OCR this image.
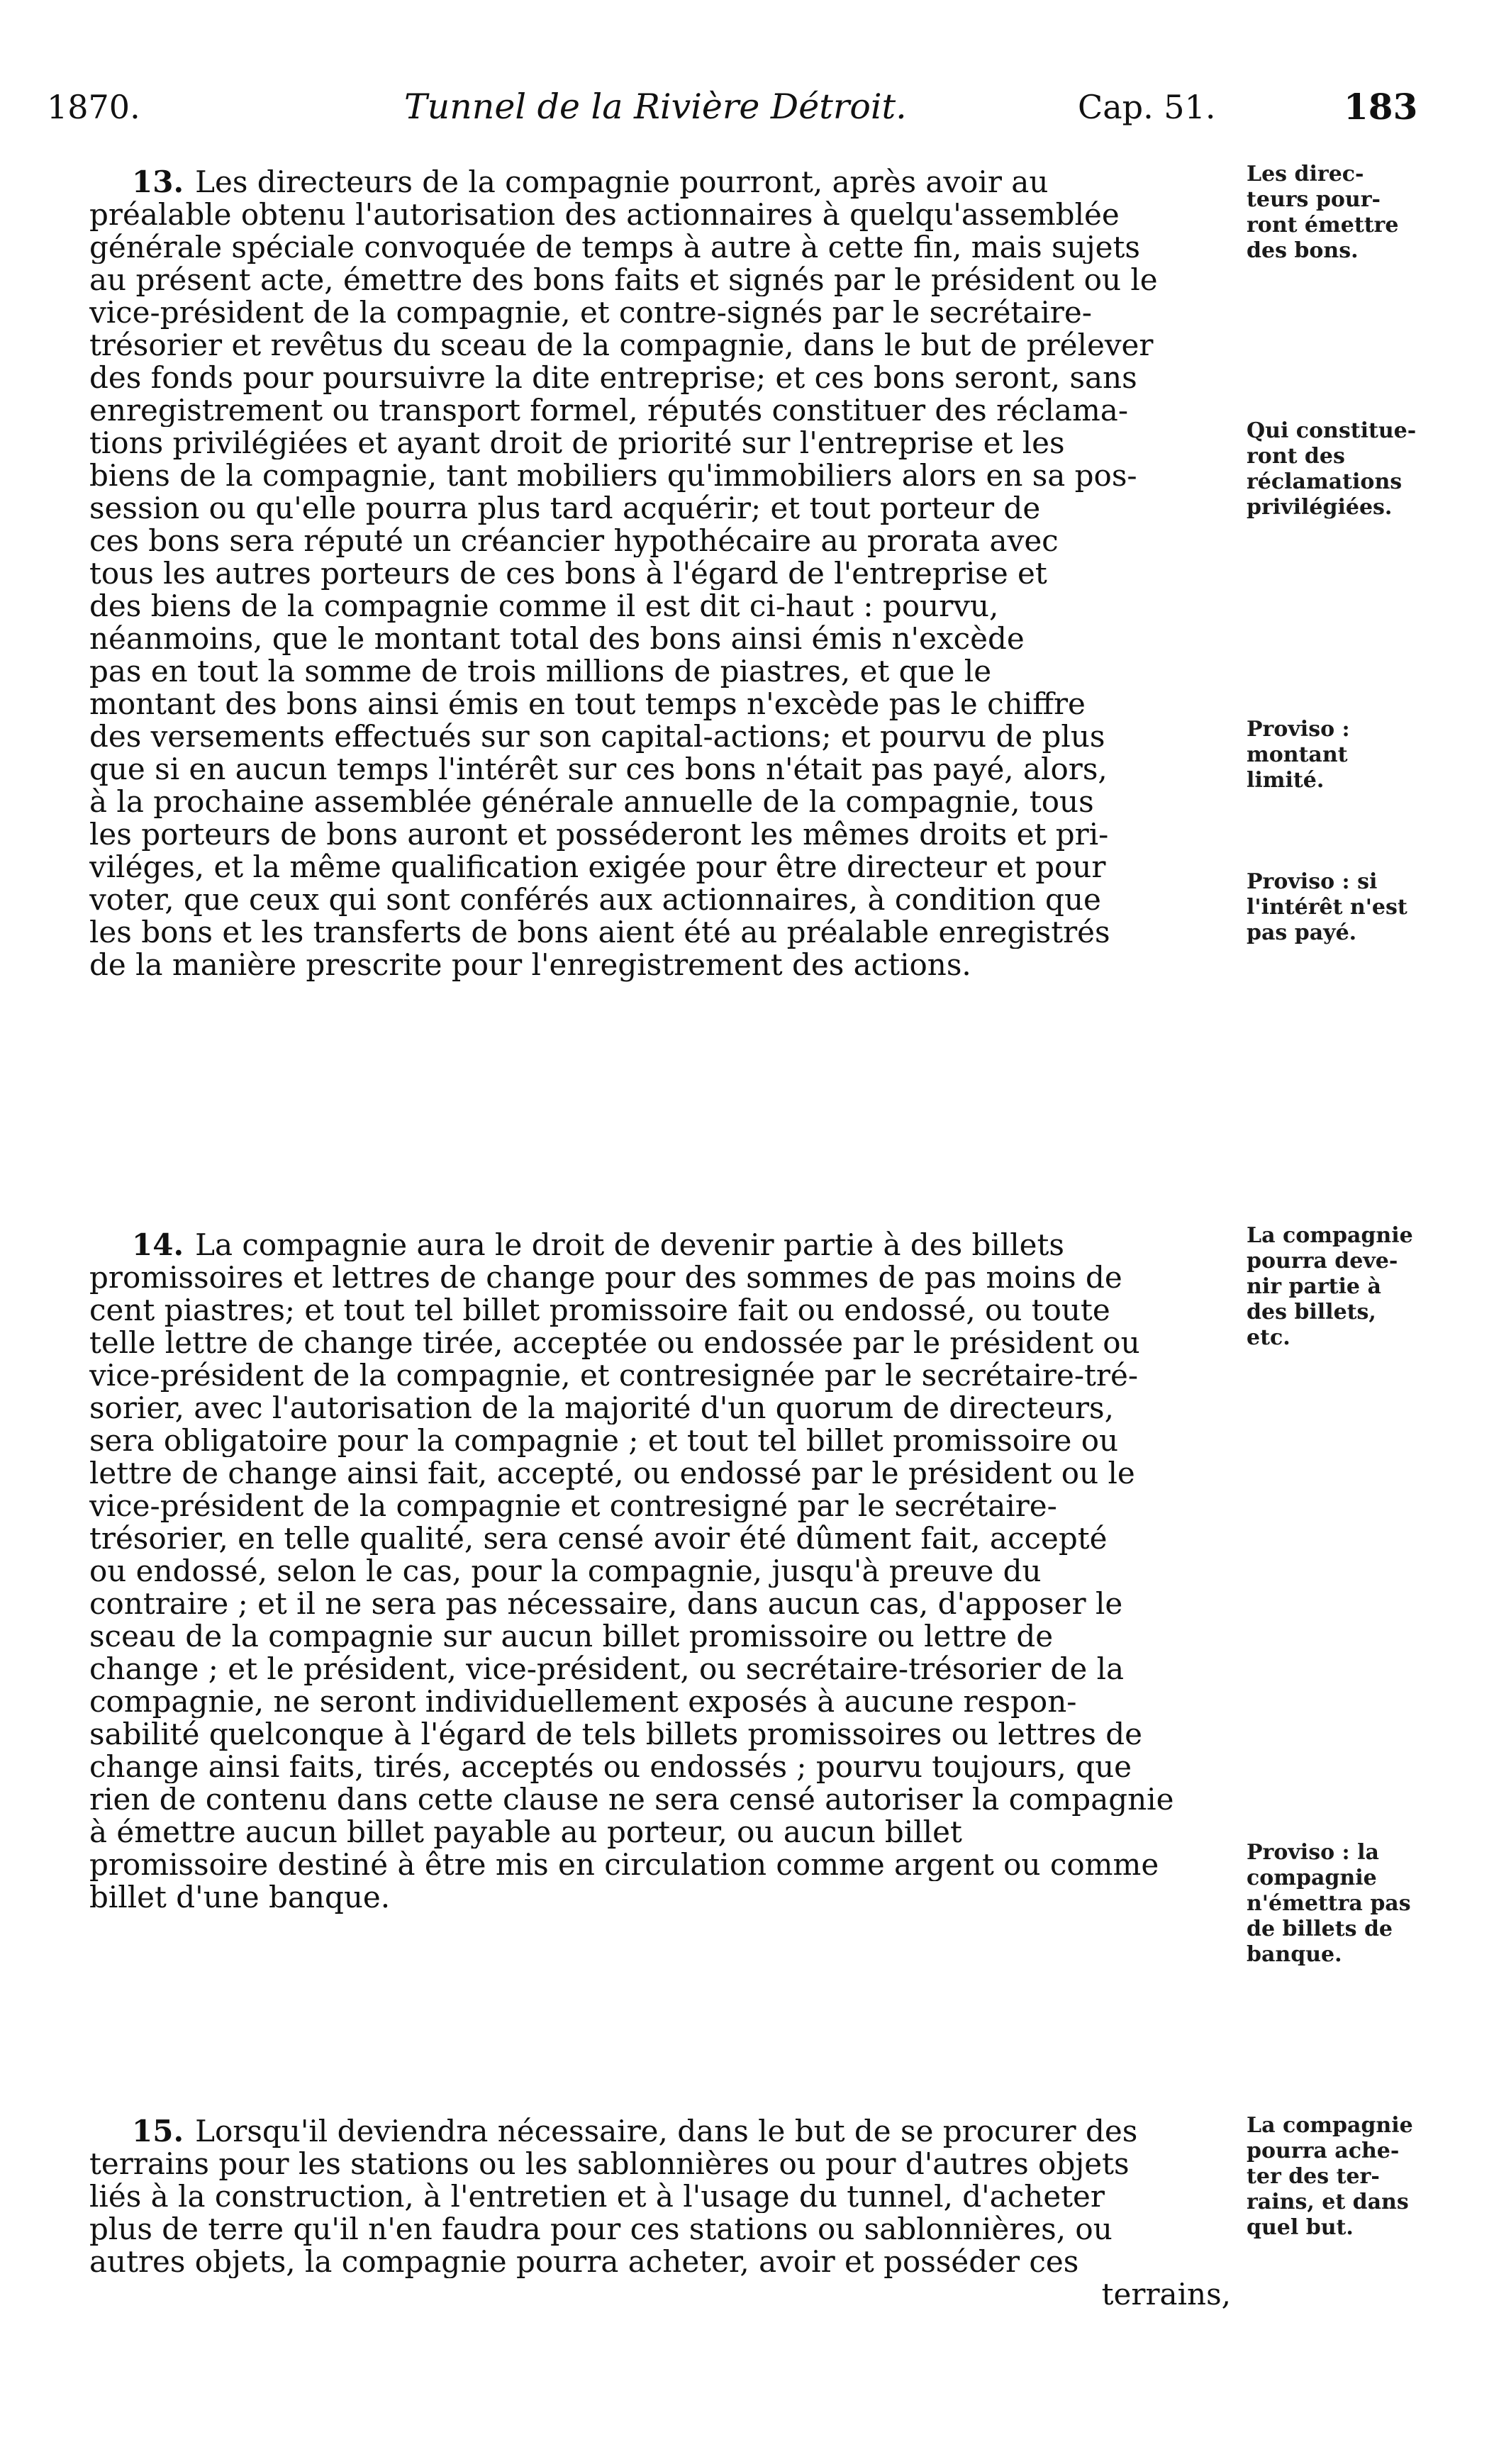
1870.	Tunnel de la Rivière Détroit.	Cap. 51.	183
13. Les directeurs de la compagnie pourront, après avoir au
préalable obtenu l'autorisation des actionnaires à quelqu'assemblée
générale spéciale convoquée de temps à autre à cette fin, mais sujets
au présent acte, émettre des bons faits et signés par le président ou le
vice-président de la compagnie, et contre-signés par le secrétaire-
trésorier et revêtus du sceau de la compagnie, dans le but de prélever
des fonds pour poursuivre la dite entreprise; et ces bons seront, sans
enregistrement ou transport formel, réputés constituer des réclama-
tions privilégiées et ayant droit de priorité sur l'entreprise et les
biens de la compagnie, tant mobiliers qu'immobiliers alors en sa pos-
session ou qu'elle pourra plus tard acquérir; et tout porteur de
ces bons sera réputé un créancier hypothécaire au prorata avec
tous les autres porteurs de ces bons à l'égard de l'entreprise et
des biens de la compagnie comme il est dit ci-haut : pourvu,
néanmoins, que le montant total des bons ainsi émis n'excède
pas en tout la somme de trois millions de piastres, et que le
montant des bons ainsi émis en tout temps n'excède pas le chiffre
des versements effectués sur son capital-actions; et pourvu de plus
que si en aucun temps l'intérêt sur ces bons n'était pas payé, alors,
à la prochaine assemblée générale annuelle de la compagnie, tous
les porteurs de bons auront et posséderont les mêmes droits et pri-
viléges, et la même qualification exigée pour être directeur et pour
voter, que ceux qui sont conférés aux actionnaires, à condition que
les bons et les transferts de bons aient été au préalable enregistrés
de la manière prescrite pour l'enregistrement des actions.
Les direc-
teurs pour-
ront émettre
des bons.
Qui constitue-
ront des
réclamations
privilégiées.
Proviso :
montant
limité.
Proviso : si
l'intérêt n'est
pas payé.
14. La compagnie aura le droit de devenir partie à des billets
promissoires et lettres de change pour des sommes de pas moins de
cent piastres; et tout tel billet promissoire fait ou endossé, ou toute
telle lettre de change tirée, acceptée ou endossée par le président ou
vice-président de la compagnie, et contresignée par le secrétaire-tré-
sorier, avec l'autorisation de la majorité d'un quorum de directeurs,
sera obligatoire pour la compagnie ; et tout tel billet promissoire ou
lettre de change ainsi fait, accepté, ou endossé par le président ou le
vice-président de la compagnie et contresigné par le secrétaire-
trésorier, en telle qualité, sera censé avoir été dûment fait, accepté
ou endossé, selon le cas, pour la compagnie, jusqu'à preuve du
contraire ; et il ne sera pas nécessaire, dans aucun cas, d'apposer le
sceau de la compagnie sur aucun billet promissoire ou lettre de
change ; et le président, vice-président, ou secrétaire-trésorier de la
compagnie, ne seront individuellement exposés à aucune respon-
sabilité quelconque à l'égard de tels billets promissoires ou lettres de
change ainsi faits, tirés, acceptés ou endossés ; pourvu toujours, que
rien de contenu dans cette clause ne sera censé autoriser la compagnie
à émettre aucun billet payable au porteur, ou aucun billet
promissoire destiné à être mis en circulation comme argent ou comme
billet d'une banque.
La compagnie
pourra deve-
nir partie à
des billets,
etc.
Proviso : la
compagnie
n'émettra pas
de billets de
banque.
15. Lorsqu'il deviendra nécessaire, dans le but de se procurer des
terrains pour les stations ou les sablonnières ou pour d'autres objets
liés à la construction, à l'entretien et à l'usage du tunnel, d'acheter
plus de terre qu'il n'en faudra pour ces stations ou sablonnières, ou
autres objets, la compagnie pourra acheter, avoir et posséder ces
terrains,
La compagnie
pourra ache-
ter des ter-
rains, et dans
quel but.
